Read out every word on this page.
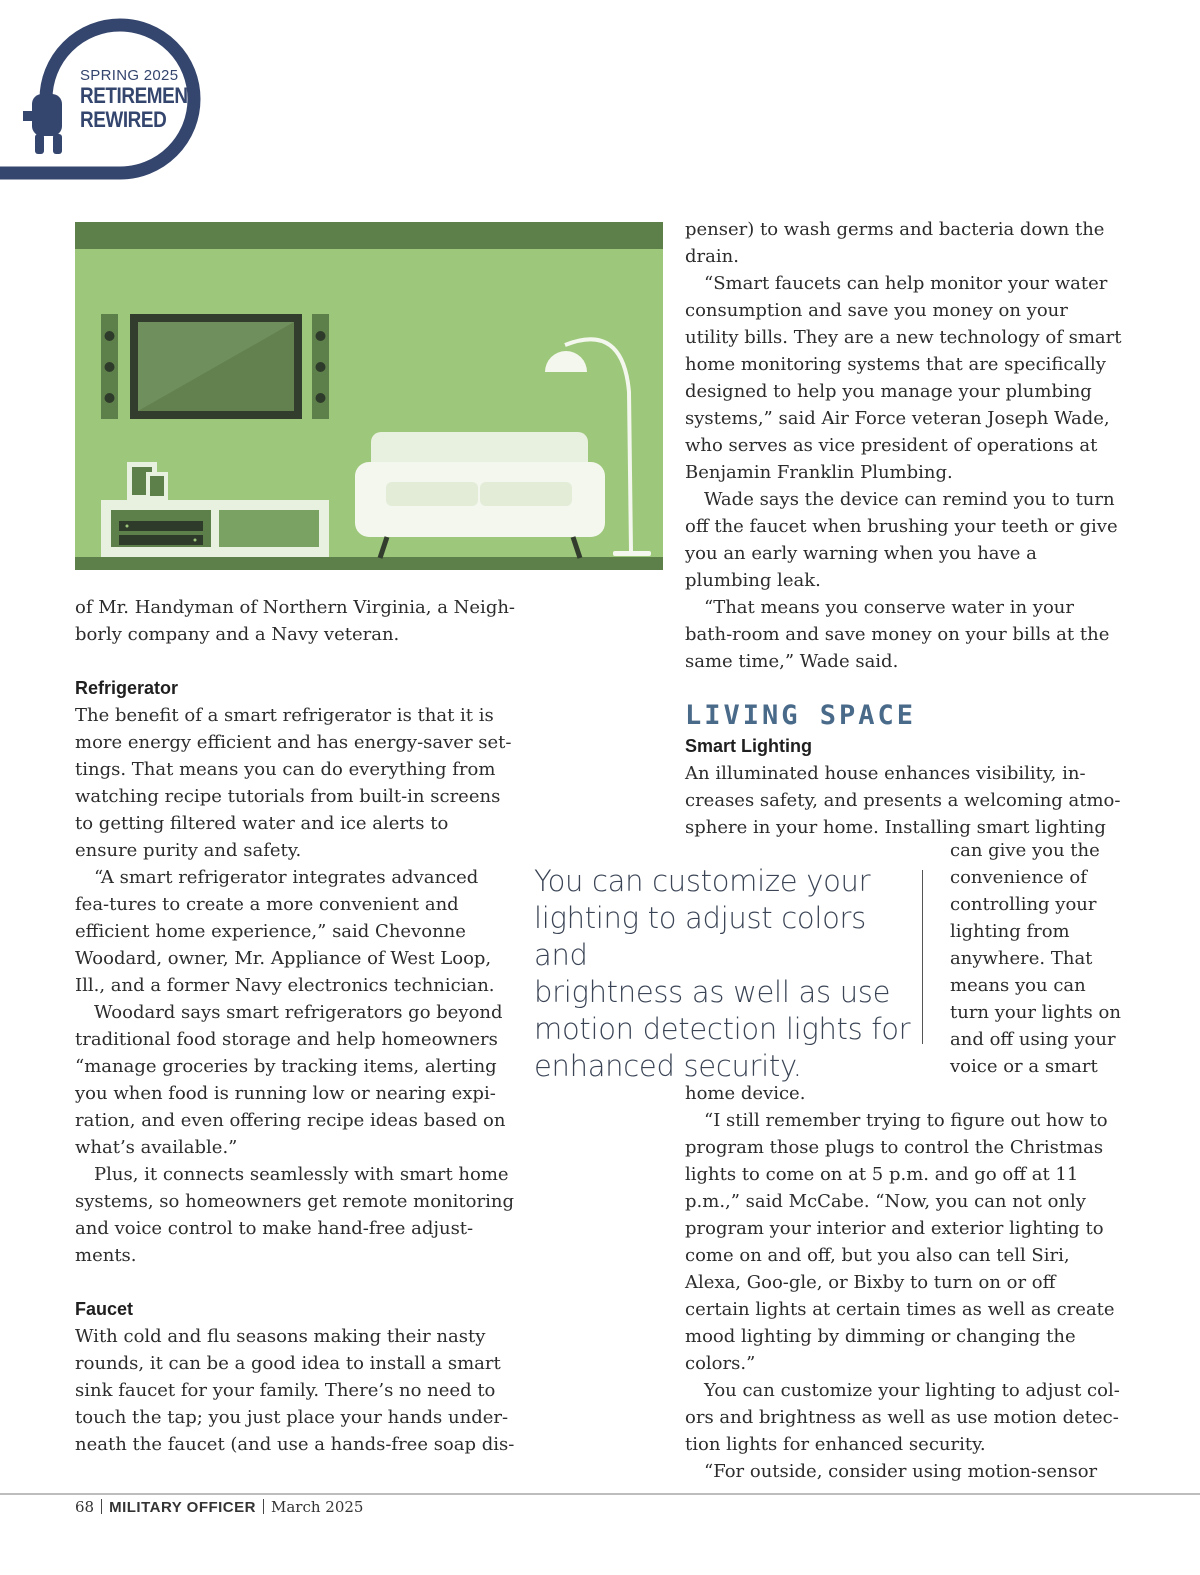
SPRING 2025
RETIREMENT
REWIRED

of Mr. Handyman of Northern Virginia, a Neigh-borly company and a Navy veteran.

Refrigerator

The benefit of a smart refrigerator is that it is more energy efficient and has energy-saver set-tings. That means you can do everything from watching recipe tutorials from built-in screens to getting filtered water and ice alerts to ensure purity and safety.

“A smart refrigerator integrates advanced fea-tures to create a more convenient and efficient home experience,” said Chevonne Woodard, owner, Mr. Appliance of West Loop, Ill., and a former Navy electronics technician.

Woodard says smart refrigerators go beyond traditional food storage and help homeowners “manage groceries by tracking items, alerting you when food is running low or nearing expi-ration, and even offering recipe ideas based on what’s available.”

Plus, it connects seamlessly with smart home systems, so homeowners get remote monitoring and voice control to make hand-free adjust-ments.

Faucet

With cold and flu seasons making their nasty rounds, it can be a good idea to install a smart sink faucet for your family. There’s no need to touch the tap; you just place your hands under-neath the faucet (and use a hands-free soap dis-

penser) to wash germs and bacteria down the drain.

“Smart faucets can help monitor your water consumption and save you money on your utility bills. They are a new technology of smart home monitoring systems that are specifically designed to help you manage your plumbing systems,” said Air Force veteran Joseph Wade, who serves as vice president of operations at Benjamin Franklin Plumbing.

Wade says the device can remind you to turn off the faucet when brushing your teeth or give you an early warning when you have a plumbing leak.

“That means you conserve water in your bath-room and save money on your bills at the same time,” Wade said.

LIVING SPACE
Smart Lighting

An illuminated house enhances visibility, in-creases safety, and presents a welcoming atmo-sphere in your home. Installing smart lighting

can give you the convenience of controlling your lighting from anywhere. That means you can turn your lights on and off using your voice or a smart

You can customize your
lighting to adjust colors and
brightness as well as use
motion detection lights for
enhanced security.

home device.

“I still remember trying to figure out how to program those plugs to control the Christmas lights to come on at 5 p.m. and go off at 11 p.m.,” said McCabe. “Now, you can not only program your interior and exterior lighting to come on and off, but you also can tell Siri, Alexa, Goo-gle, or Bixby to turn on or off certain lights at certain times as well as create mood lighting by dimming or changing the colors.”

You can customize your lighting to adjust col-ors and brightness as well as use motion detec-tion lights for enhanced security.

“For outside, consider using motion-sensor

68 MILITARY OFFICER March 2025
